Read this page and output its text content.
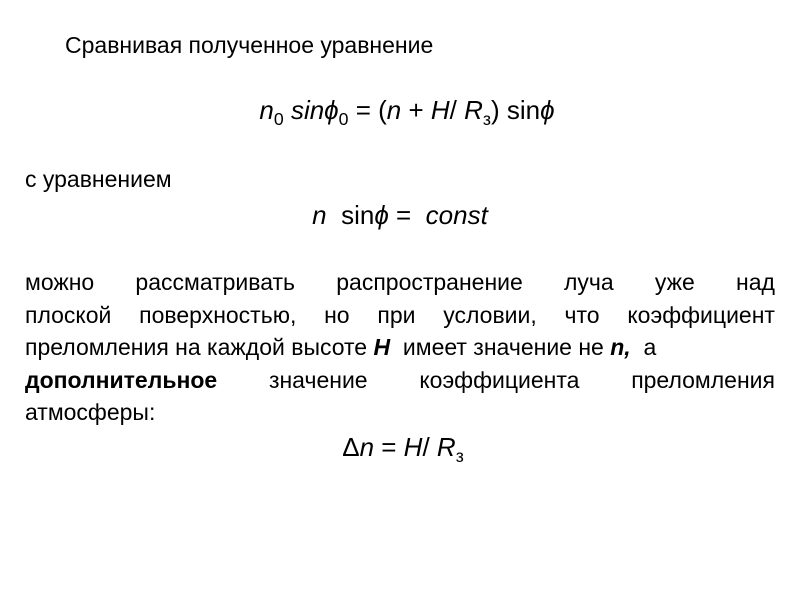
Сравнивая полученное уравнение
$n_0$ sinϕ$_0$ = (n + H/ $R_з$) sinϕ
с уравнением
n  sinϕ =  const
можно рассматривать распространение луча уже над
плоской поверхностью, но при условии, что коэффициент
преломления на каждой высоте H  имеет значение не n,  а
дополнительное значение коэффициента преломления
атмосферы:
Δn = H/ $R_з$
